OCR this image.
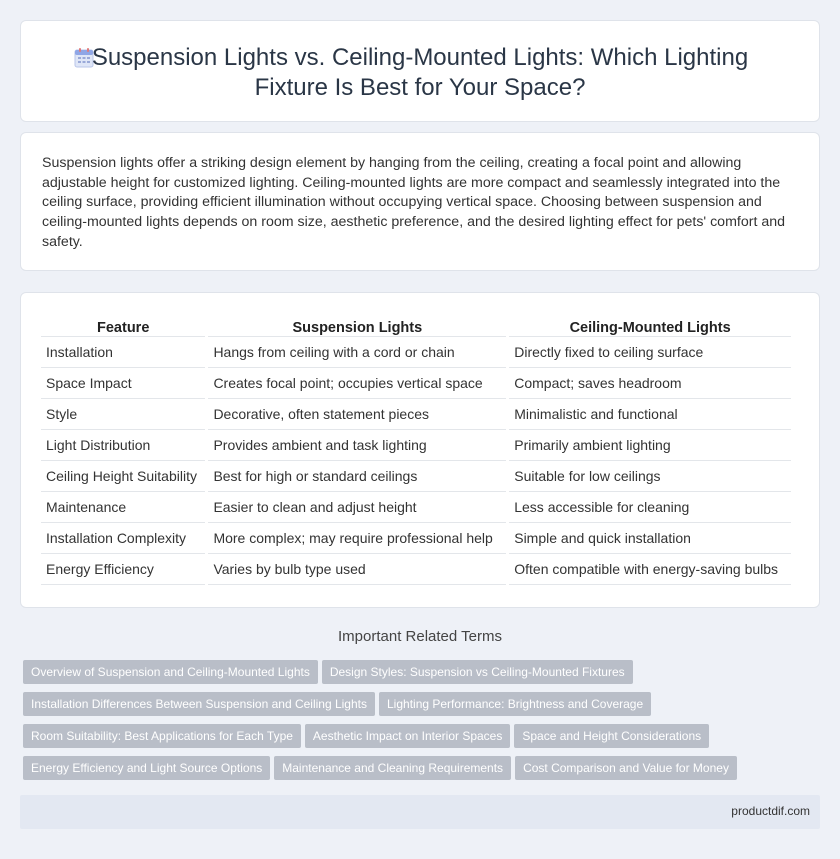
Suspension Lights vs. Ceiling-Mounted Lights: Which Lighting Fixture Is Best for Your Space?

Suspension lights offer a striking design element by hanging from the ceiling, creating a focal point and allowing adjustable height for customized lighting. Ceiling-mounted lights are more compact and seamlessly integrated into the ceiling surface, providing efficient illumination without occupying vertical space. Choosing between suspension and ceiling-mounted lights depends on room size, aesthetic preference, and the desired lighting effect for pets' comfort and safety.

Feature	Suspension Lights	Ceiling-Mounted Lights
Installation	Hangs from ceiling with a cord or chain	Directly fixed to ceiling surface
Space Impact	Creates focal point; occupies vertical space	Compact; saves headroom
Style	Decorative, often statement pieces	Minimalistic and functional
Light Distribution	Provides ambient and task lighting	Primarily ambient lighting
Ceiling Height Suitability	Best for high or standard ceilings	Suitable for low ceilings
Maintenance	Easier to clean and adjust height	Less accessible for cleaning
Installation Complexity	More complex; may require professional help	Simple and quick installation
Energy Efficiency	Varies by bulb type used	Often compatible with energy-saving bulbs
Important Related Terms
Overview of Suspension and Ceiling-Mounted Lights Design Styles: Suspension vs Ceiling-Mounted Fixtures
Installation Differences Between Suspension and Ceiling Lights Lighting Performance: Brightness and Coverage
Room Suitability: Best Applications for Each Type Aesthetic Impact on Interior Spaces Space and Height Considerations
Energy Efficiency and Light Source Options Maintenance and Cleaning Requirements Cost Comparison and Value for Money
productdif.com
